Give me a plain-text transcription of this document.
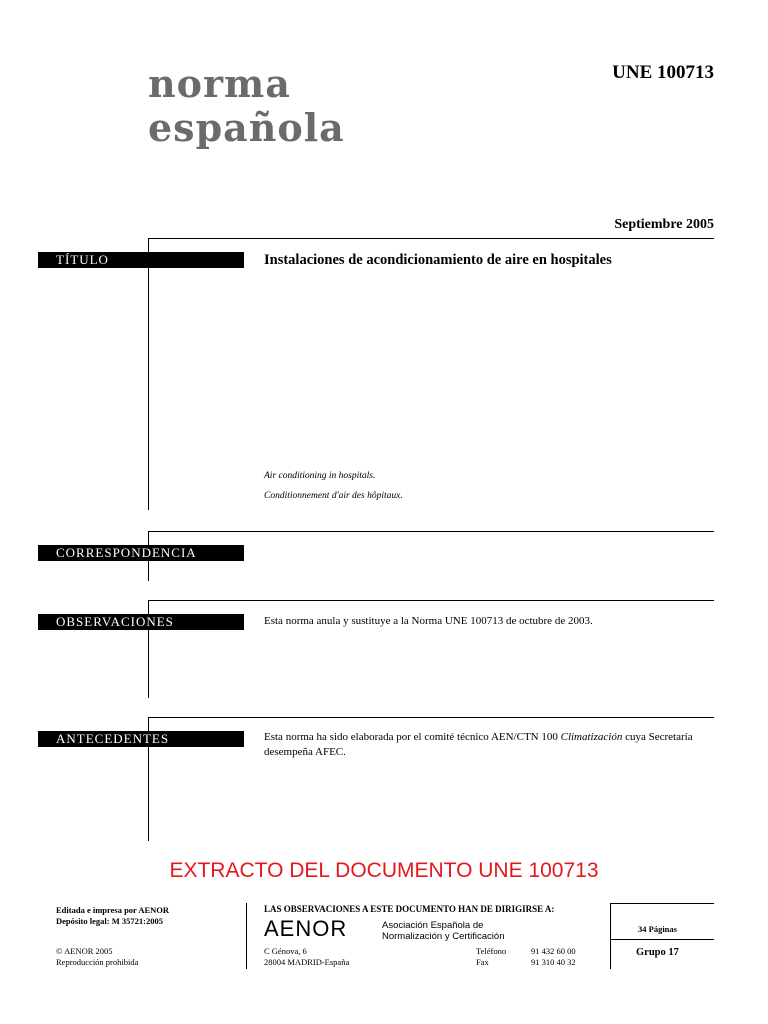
norma
española
UNE 100713
Septiembre 2005
TÍTULO	Instalaciones de acondicionamiento de aire en hospitales
Air conditioning in hospitals.
Conditionnement d'air des hôpitaux.
CORRESPONDENCIA
OBSERVACIONES	Esta norma anula y sustituye a la Norma UNE 100713 de octubre de 2003.
ANTECEDENTES	Esta norma ha sido elaborada por el comité técnico AEN/CTN 100 Climatización cuya Secretaría desempeña AFEC.
EXTRACTO DEL DOCUMENTO UNE 100713
Editada e impresa por AENOR
Depósito legal: M 35721:2005
© AENOR 2005
Reproducción prohibida
LAS OBSERVACIONES A ESTE DOCUMENTO HAN DE DIRIGIRSE A:
AENOR	Asociación Española de
Normalización y Certificación
C Génova, 6
28004 MADRID-España
Teléfono	91 432 60 00
Fax	91 310 40 32
34 Páginas
Grupo 17
